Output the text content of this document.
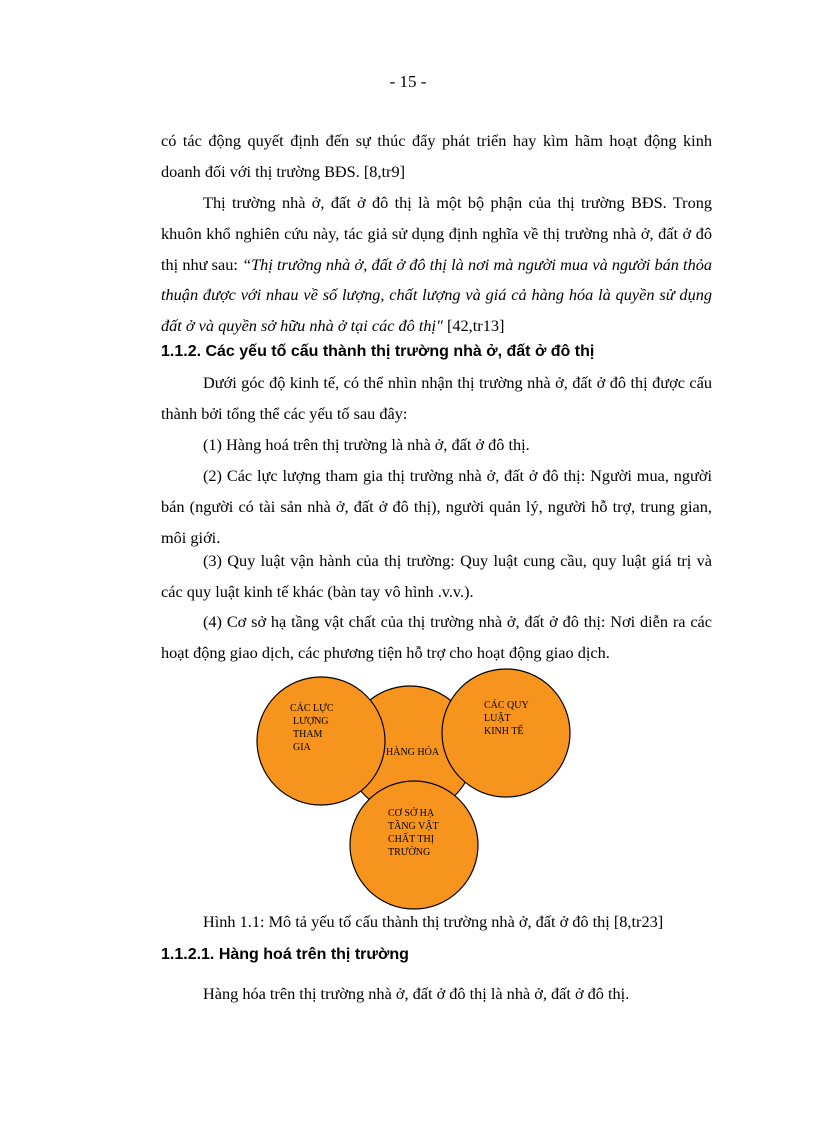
- 15 -

có tác động quyết định đến sự thúc đẩy phát triển hay kìm hãm hoạt động kinh doanh đối với thị trường BĐS. [8,tr9]

Thị trường nhà ở, đất ở đô thị là một bộ phận của thị trường BĐS. Trong khuôn khổ nghiên cứu này, tác giả sử dụng định nghĩa về thị trường nhà ở, đất ở đô thị như sau: “Thị trường nhà ở, đất ở đô thị là nơi mà người mua và người bán thỏa thuận được với nhau về số lượng, chất lượng và giá cả hàng hóa là quyền sử dụng đất ở và quyền sở hữu nhà ở tại các đô thị" [42,tr13]

1.1.2. Các yếu tố cấu thành thị trường nhà ở, đất ở đô thị

Dưới góc độ kinh tế, có thể nhìn nhận thị trường nhà ở, đất ở đô thị được cấu thành bởi tổng thể các yếu tố sau đây:

(1) Hàng hoá trên thị trường là nhà ở, đất ở đô thị.

(2) Các lực lượng tham gia thị trường nhà ở, đất ở đô thị: Người mua, người bán (người có tài sản nhà ở, đất ở đô thị), người quản lý, người hỗ trợ, trung gian, môi giới.

(3) Quy luật vận hành của thị trường: Quy luật cung cầu, quy luật giá trị và các quy luật kinh tế khác (bàn tay vô hình .v.v.).

(4) Cơ sở hạ tầng vật chất của thị trường nhà ở, đất ở đô thị: Nơi diễn ra các hoạt động giao dịch, các phương tiện hỗ trợ cho hoạt động giao dịch.

HÀNG HÓA
CÁC LỰC
LƯỢNG
THAM
GIA
CÁC QUY
LUẬT
KINH TẾ
CƠ SỞ HẠ
TẦNG VẬT
CHẤT THỊ
TRƯỜNG
Hình 1.1: Mô tả yếu tố cấu thành thị trường nhà ở, đất ở đô thị [8,tr23]
1.1.2.1. Hàng hoá trên thị trường

Hàng hóa trên thị trường nhà ở, đất ở đô thị là nhà ở, đất ở đô thị.
